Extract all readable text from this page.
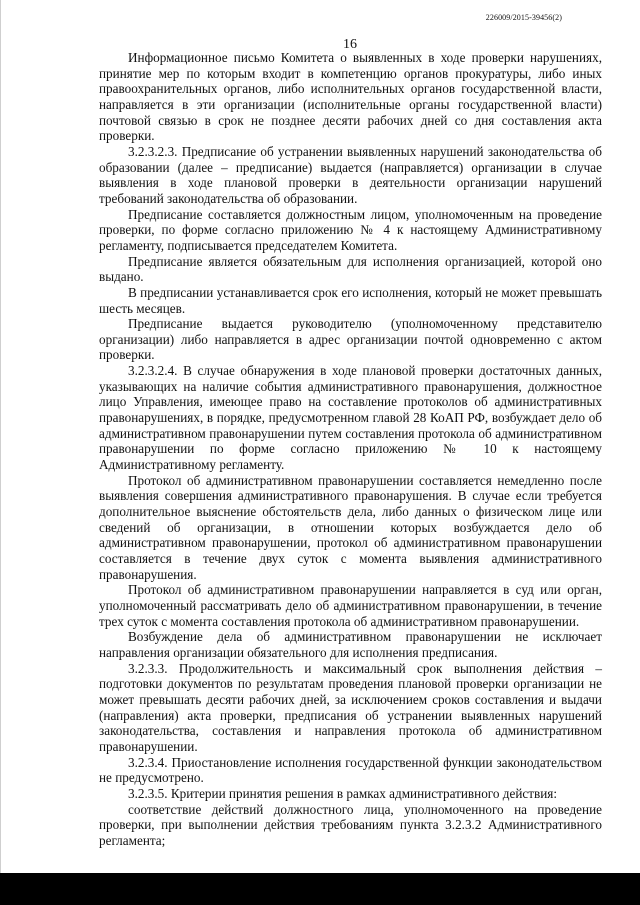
226009/2015-39456(2)
16

Информационное письмо Комитета о выявленных в ходе проверки нарушениях, принятие мер по которым входит в компетенцию органов прокуратуры, либо иных правоохранительных органов, либо исполнительных органов государственной власти, направляется в эти организации (исполнительные органы государственной власти) почтовой связью в срок не позднее десяти рабочих дней со дня составления акта проверки.

3.2.3.2.3. Предписание об устранении выявленных нарушений законодательства об образовании (далее – предписание) выдается (направляется) организации в случае выявления в ходе плановой проверки в деятельности организации нарушений требований законодательства об образовании.

Предписание составляется должностным лицом, уполномоченным на проведение проверки, по форме согласно приложению № 4 к настоящему Административному регламенту, подписывается председателем Комитета.

Предписание является обязательным для исполнения организацией, которой оно выдано.

В предписании устанавливается срок его исполнения, который не может превышать шесть месяцев.

Предписание выдается руководителю (уполномоченному представителю организации) либо направляется в адрес организации почтой одновременно с актом проверки.

3.2.3.2.4. В случае обнаружения в ходе плановой проверки достаточных данных, указывающих на наличие события административного правонарушения, должностное лицо Управления, имеющее право на составление протоколов об административных правонарушениях, в порядке, предусмотренном главой 28 КоАП РФ, возбуждает дело об административном правонарушении путем составления протокола об административном правонарушении по форме согласно приложению № 10 к настоящему Административному регламенту.

Протокол об административном правонарушении составляется немедленно после выявления совершения административного правонарушения. В случае если требуется дополнительное выяснение обстоятельств дела, либо данных о физическом лице или сведений об организации, в отношении которых возбуждается дело об административном правонарушении, протокол об административном правонарушении составляется в течение двух суток с момента выявления административного правонарушения.

Протокол об административном правонарушении направляется в суд или орган, уполномоченный рассматривать дело об административном правонарушении, в течение трех суток с момента составления протокола об административном правонарушении.

Возбуждение дела об административном правонарушении не исключает направления организации обязательного для исполнения предписания.

3.2.3.3. Продолжительность и максимальный срок выполнения действия – подготовки документов по результатам проведения плановой проверки организации не может превышать десяти рабочих дней, за исключением сроков составления и выдачи (направления) акта проверки, предписания об устранении выявленных нарушений законодательства, составления и направления протокола об административном правонарушении.

3.2.3.4. Приостановление исполнения государственной функции законодательством не предусмотрено.

3.2.3.5. Критерии принятия решения в рамках административного действия:

соответствие действий должностного лица, уполномоченного на проведение проверки, при выполнении действия требованиям пункта 3.2.3.2 Административного регламента;
